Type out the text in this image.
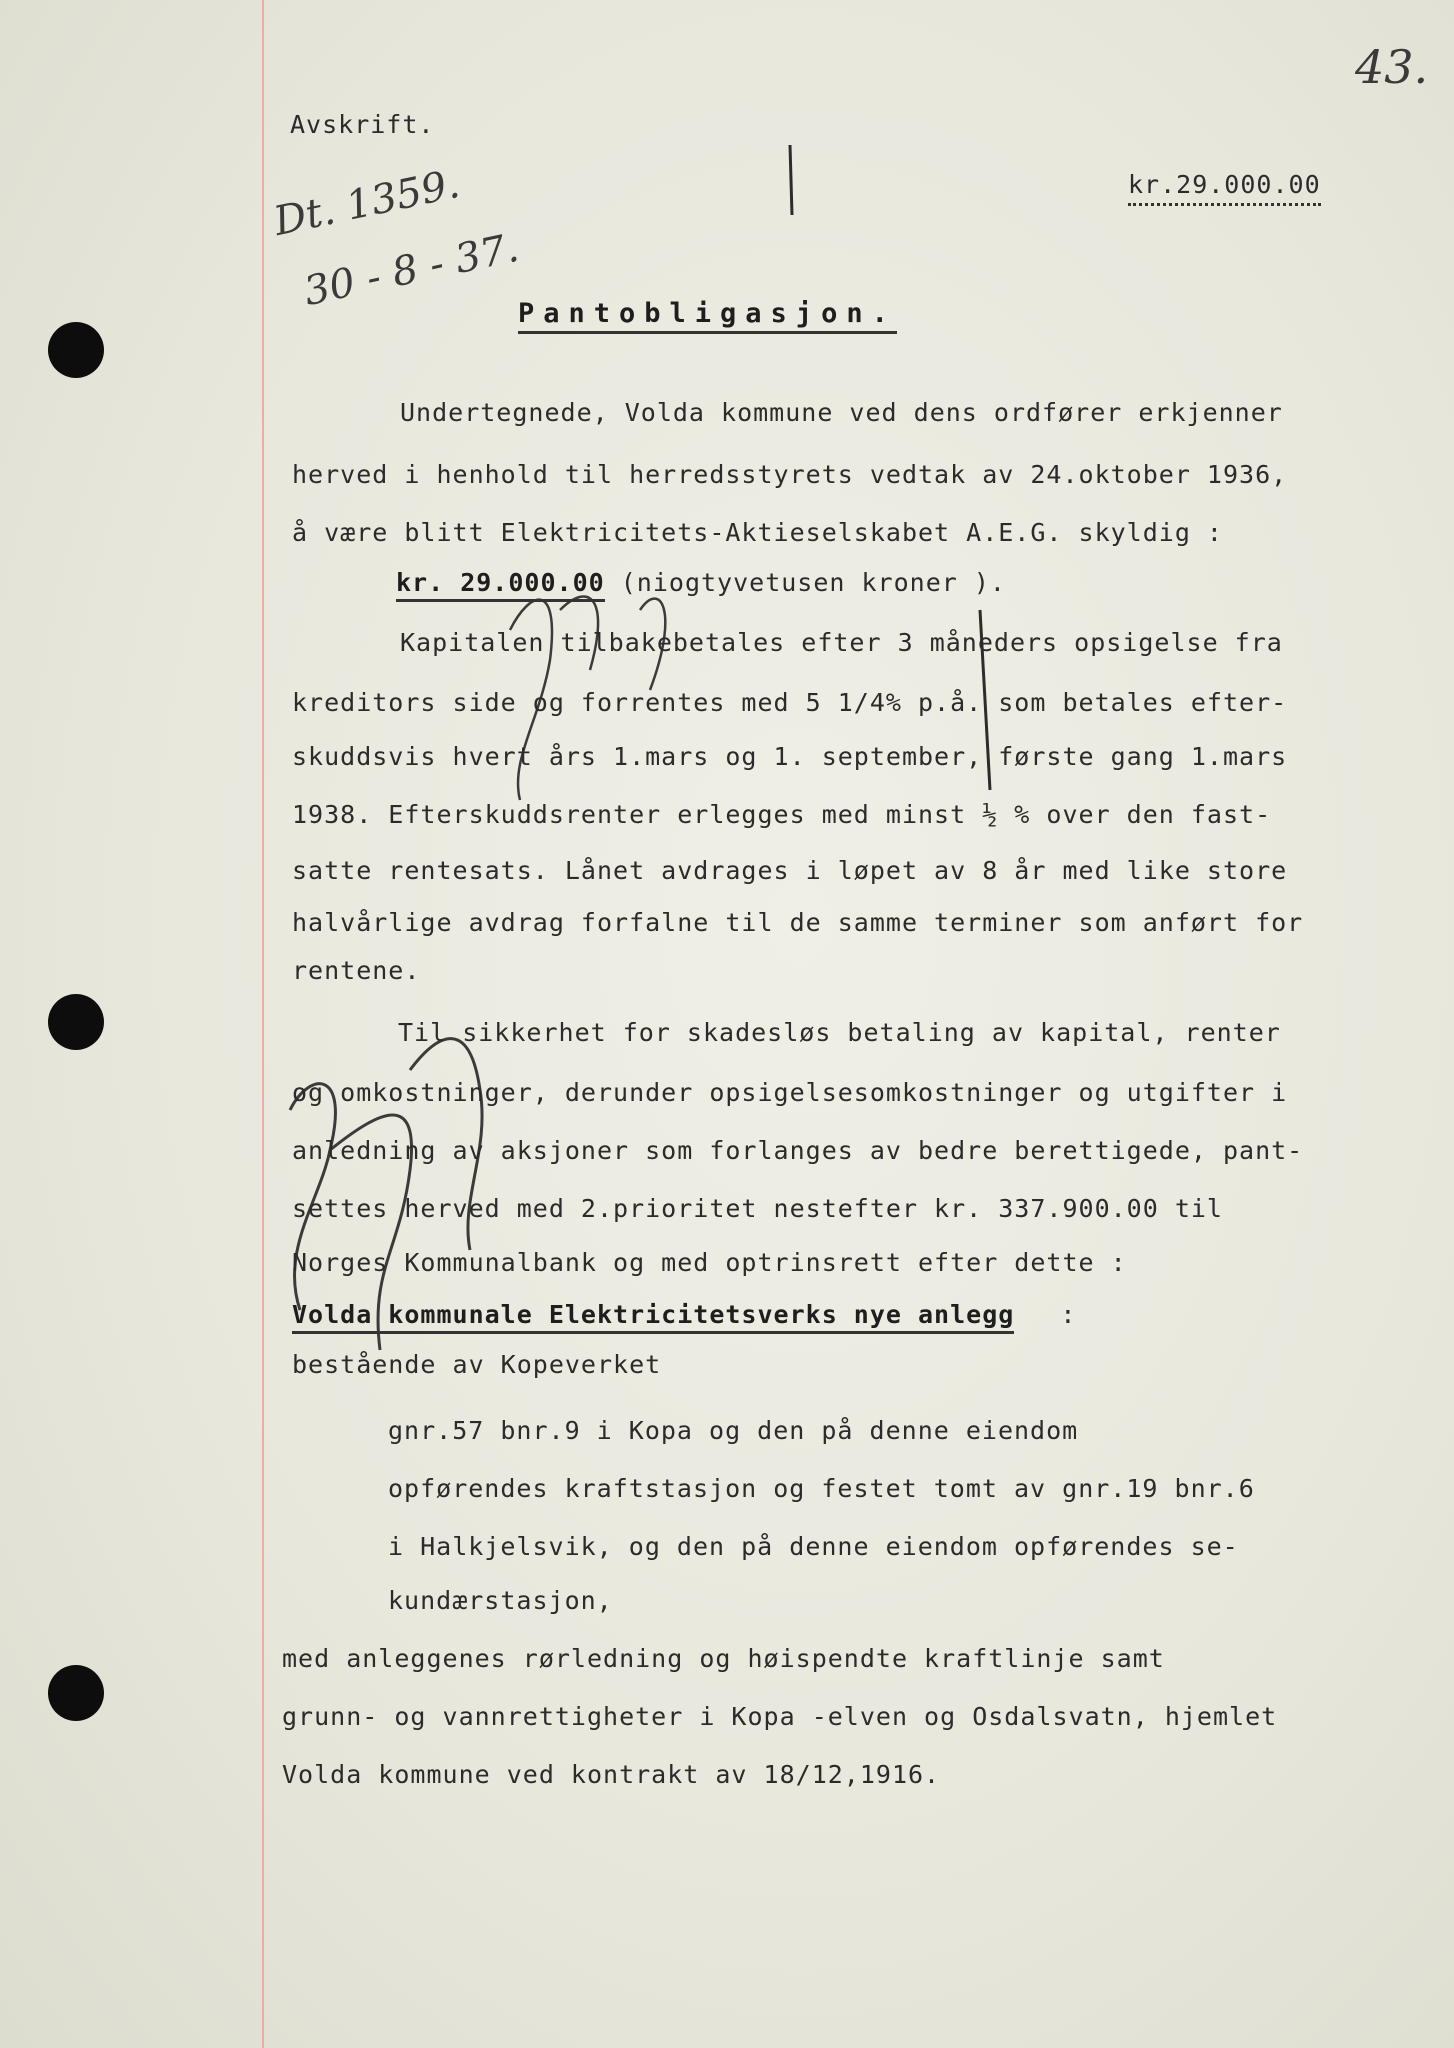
43.
Avskrift.
kr.29.000.00
Dt. 1359.
30 - 8 - 37.
Pantobligasjon.
Undertegnede, Volda kommune ved dens ordfører erkjenner
herved i henhold til herredsstyrets vedtak av 24.oktober 1936,
å være blitt Elektricitets-Aktieselskabet A.E.G. skyldig :
kr. 29.000.00 (niogtyvetusen kroner ).
Kapitalen tilbakebetales efter 3 måneders opsigelse fra
kreditors side og forrentes med 5 1/4% p.å. som betales efter-
skuddsvis hvert års 1.mars og 1. september, første gang 1.mars
1938. Efterskuddsrenter erlegges med minst ½ % over den fast-
satte rentesats. Lånet avdrages i løpet av 8 år med like store
halvårlige avdrag forfalne til de samme terminer som anført for
rentene.
Til sikkerhet for skadesløs betaling av kapital, renter
og omkostninger, derunder opsigelsesomkostninger og utgifter i
anledning av aksjoner som forlanges av bedre berettigede, pant-
settes herved med 2.prioritet nestefter kr. 337.900.00 til
Norges Kommunalbank og med optrinsrett efter dette :
Volda kommunale Elektricitetsverks nye anlegg :
bestående av Kopeverket
gnr.57 bnr.9 i Kopa og den på denne eiendom
opførendes kraftstasjon og festet tomt av gnr.19 bnr.6
i Halkjelsvik, og den på denne eiendom opførendes se-
kundærstasjon,
med anleggenes rørledning og høispendte kraftlinje samt
grunn- og vannrettigheter i Kopa -elven og Osdalsvatn, hjemlet
Volda kommune ved kontrakt av 18/12,1916.
